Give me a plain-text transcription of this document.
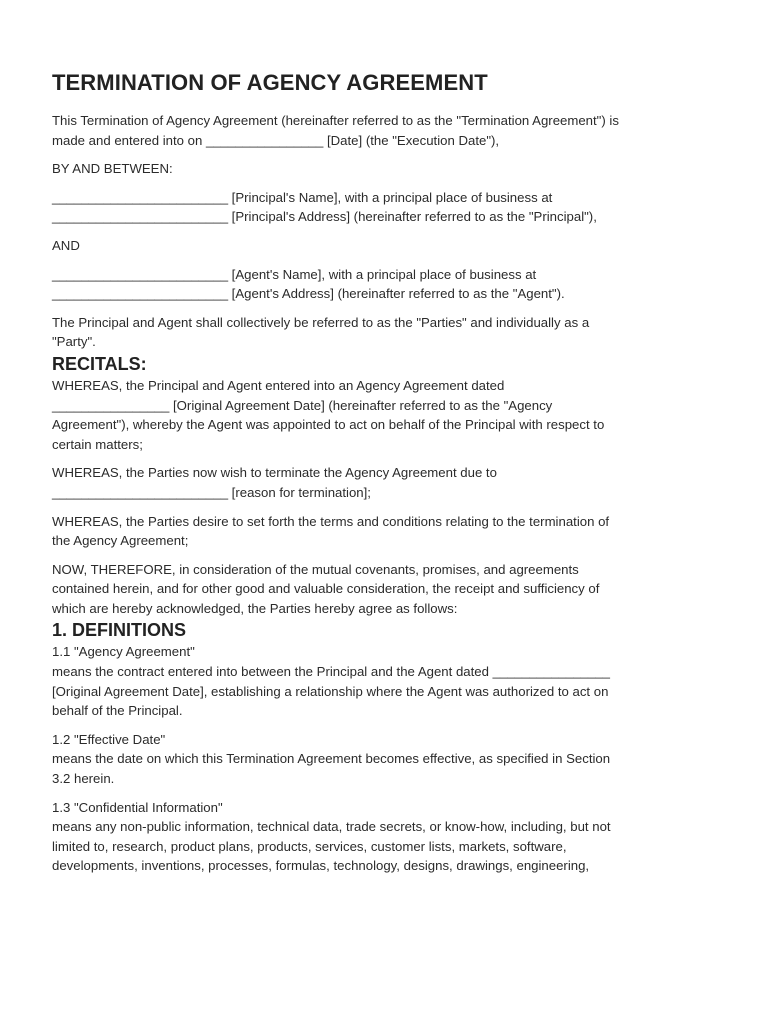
TERMINATION OF AGENCY AGREEMENT

This Termination of Agency Agreement (hereinafter referred to as the "Termination Agreement") is
made and entered into on ________________ [Date] (the "Execution Date"),

BY AND BETWEEN:

________________________ [Principal's Name], with a principal place of business at
________________________ [Principal's Address] (hereinafter referred to as the "Principal"),

AND

________________________ [Agent's Name], with a principal place of business at
________________________ [Agent's Address] (hereinafter referred to as the "Agent").

The Principal and Agent shall collectively be referred to as the "Parties" and individually as a
"Party".

RECITALS:

WHEREAS, the Principal and Agent entered into an Agency Agreement dated
________________ [Original Agreement Date] (hereinafter referred to as the "Agency
Agreement"), whereby the Agent was appointed to act on behalf of the Principal with respect to
certain matters;

WHEREAS, the Parties now wish to terminate the Agency Agreement due to
________________________ [reason for termination];

WHEREAS, the Parties desire to set forth the terms and conditions relating to the termination of
the Agency Agreement;

NOW, THEREFORE, in consideration of the mutual covenants, promises, and agreements
contained herein, and for other good and valuable consideration, the receipt and sufficiency of
which are hereby acknowledged, the Parties hereby agree as follows:

1. DEFINITIONS

1.1 "Agency Agreement"
means the contract entered into between the Principal and the Agent dated ________________
[Original Agreement Date], establishing a relationship where the Agent was authorized to act on
behalf of the Principal.

1.2 "Effective Date"
means the date on which this Termination Agreement becomes effective, as specified in Section
3.2 herein.

1.3 "Confidential Information"
means any non-public information, technical data, trade secrets, or know-how, including, but not
limited to, research, product plans, products, services, customer lists, markets, software,
developments, inventions, processes, formulas, technology, designs, drawings, engineering,
